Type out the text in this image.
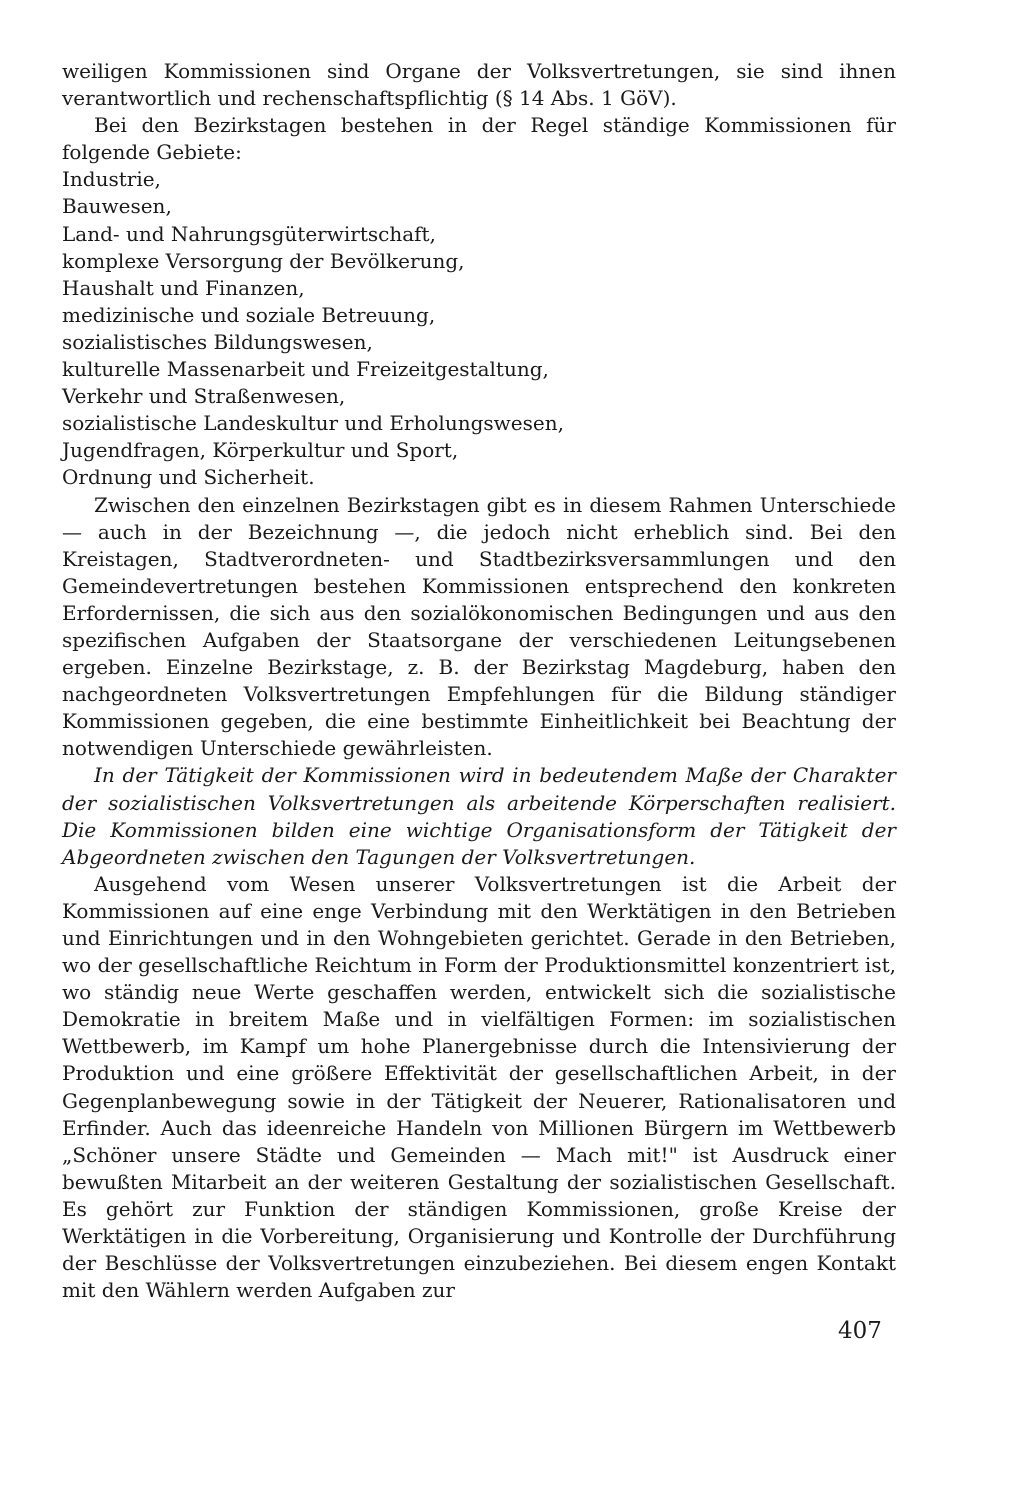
weiligen Kommissionen sind Organe der Volksvertretungen, sie sind ihnen verantwortlich und rechenschaftspflichtig (§ 14 Abs. 1 GöV).

Bei den Bezirkstagen bestehen in der Regel ständige Kommissionen für folgende Gebiete:

Industrie,
Bauwesen,
Land- und Nahrungsgüterwirtschaft,
komplexe Versorgung der Bevölkerung,
Haushalt und Finanzen,
medizinische und soziale Betreuung,
sozialistisches Bildungswesen,
kulturelle Massenarbeit und Freizeitgestaltung,
Verkehr und Straßenwesen,
sozialistische Landeskultur und Erholungswesen,
Jugendfragen, Körperkultur und Sport,
Ordnung und Sicherheit.

Zwischen den einzelnen Bezirkstagen gibt es in diesem Rahmen Unterschiede — auch in der Bezeichnung —, die jedoch nicht erheblich sind. Bei den Kreistagen, Stadtverordneten- und Stadtbezirksversammlungen und den Gemeindevertretungen bestehen Kommissionen entsprechend den konkreten Erfordernissen, die sich aus den sozialökonomischen Bedingungen und aus den spezifischen Aufgaben der Staatsorgane der verschiedenen Leitungsebenen ergeben. Einzelne Bezirkstage, z. B. der Bezirkstag Magdeburg, haben den nachgeordneten Volksvertretungen Empfehlungen für die Bildung ständiger Kommissionen gegeben, die eine bestimmte Einheitlichkeit bei Beachtung der notwendigen Unterschiede gewährleisten.

In der Tätigkeit der Kommissionen wird in bedeutendem Maße der Charakter der sozialistischen Volksvertretungen als arbeitende Körperschaften realisiert. Die Kommissionen bilden eine wichtige Organisationsform der Tätigkeit der Abgeordneten zwischen den Tagungen der Volksvertretungen.

Ausgehend vom Wesen unserer Volksvertretungen ist die Arbeit der Kommissionen auf eine enge Verbindung mit den Werktätigen in den Betrieben und Einrichtungen und in den Wohngebieten gerichtet. Gerade in den Betrieben, wo der gesellschaftliche Reichtum in Form der Produktionsmittel konzentriert ist, wo ständig neue Werte geschaffen werden, entwickelt sich die sozialistische Demokratie in breitem Maße und in vielfältigen Formen: im sozialistischen Wettbewerb, im Kampf um hohe Planergebnisse durch die Intensivierung der Produktion und eine größere Effektivität der gesellschaftlichen Arbeit, in der Gegenplanbewegung sowie in der Tätigkeit der Neuerer, Rationalisatoren und Erfinder. Auch das ideenreiche Handeln von Millionen Bürgern im Wettbewerb „Schöner unsere Städte und Gemeinden — Mach mit!" ist Ausdruck einer bewußten Mitarbeit an der weiteren Gestaltung der sozialistischen Gesellschaft. Es gehört zur Funktion der ständigen Kommissionen, große Kreise der Werktätigen in die Vorbereitung, Organisierung und Kontrolle der Durchführung der Beschlüsse der Volksvertretungen einzubeziehen. Bei diesem engen Kontakt mit den Wählern werden Aufgaben zur

407
